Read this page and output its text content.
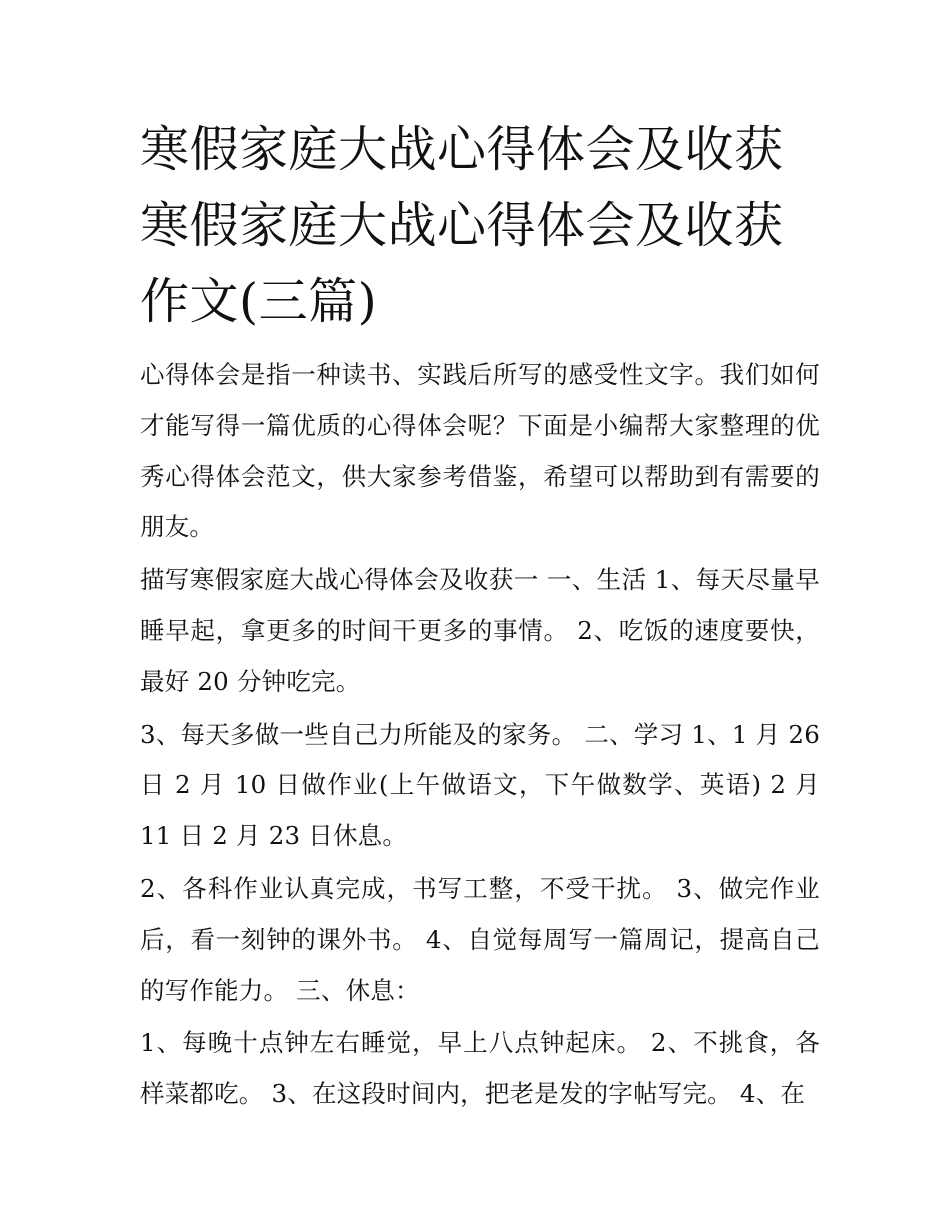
寒假家庭大战心得体会及收获
寒假家庭大战心得体会及收获
作文(三篇)

心得体会是指一种读书、实践后所写的感受性文字。我们如何才能写得一篇优质的心得体会呢？下面是小编帮大家整理的优秀心得体会范文，供大家参考借鉴，希望可以帮助到有需要的朋友。

描写寒假家庭大战心得体会及收获一 一、生活 1、每天尽量早睡早起，拿更多的时间干更多的事情。 2、吃饭的速度要快，最好 20 分钟吃完。

3、每天多做一些自己力所能及的家务。 二、学习 1、1 月 26 日 2 月 10 日做作业(上午做语文，下午做数学、英语) 2 月 11 日 2 月 23 日休息。

2、各科作业认真完成，书写工整，不受干扰。 3、做完作业后，看一刻钟的课外书。 4、自觉每周写一篇周记，提高自己的写作能力。 三、休息：

1、每晚十点钟左右睡觉，早上八点钟起床。 2、不挑食，各样菜都吃。 3、在这段时间内，把老是发的字帖写完。 4、在
